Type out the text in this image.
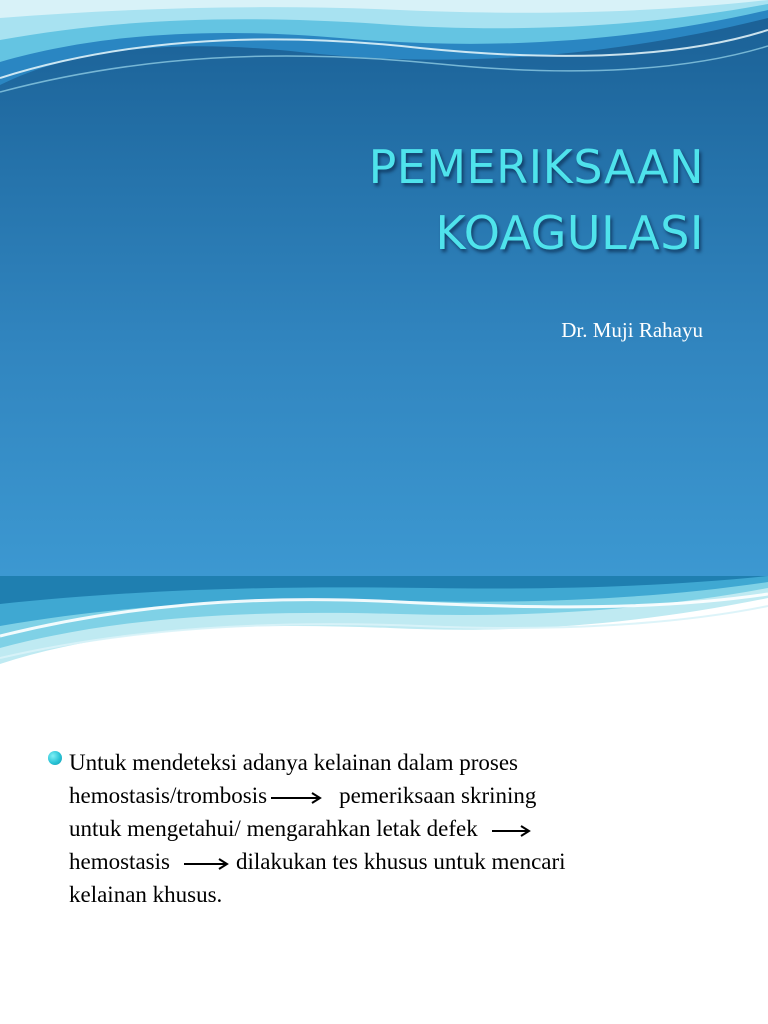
PEMERIKSAAN
KOAGULASI
Dr. Muji Rahayu

Untuk mendeteksi adanya kelainan dalam proses
hemostasis/trombosis	pemeriksaan skrining
untuk mengetahui/ mengarahkan letak defek
hemostasis	dilakukan tes khusus untuk mencari
kelainan khusus.
